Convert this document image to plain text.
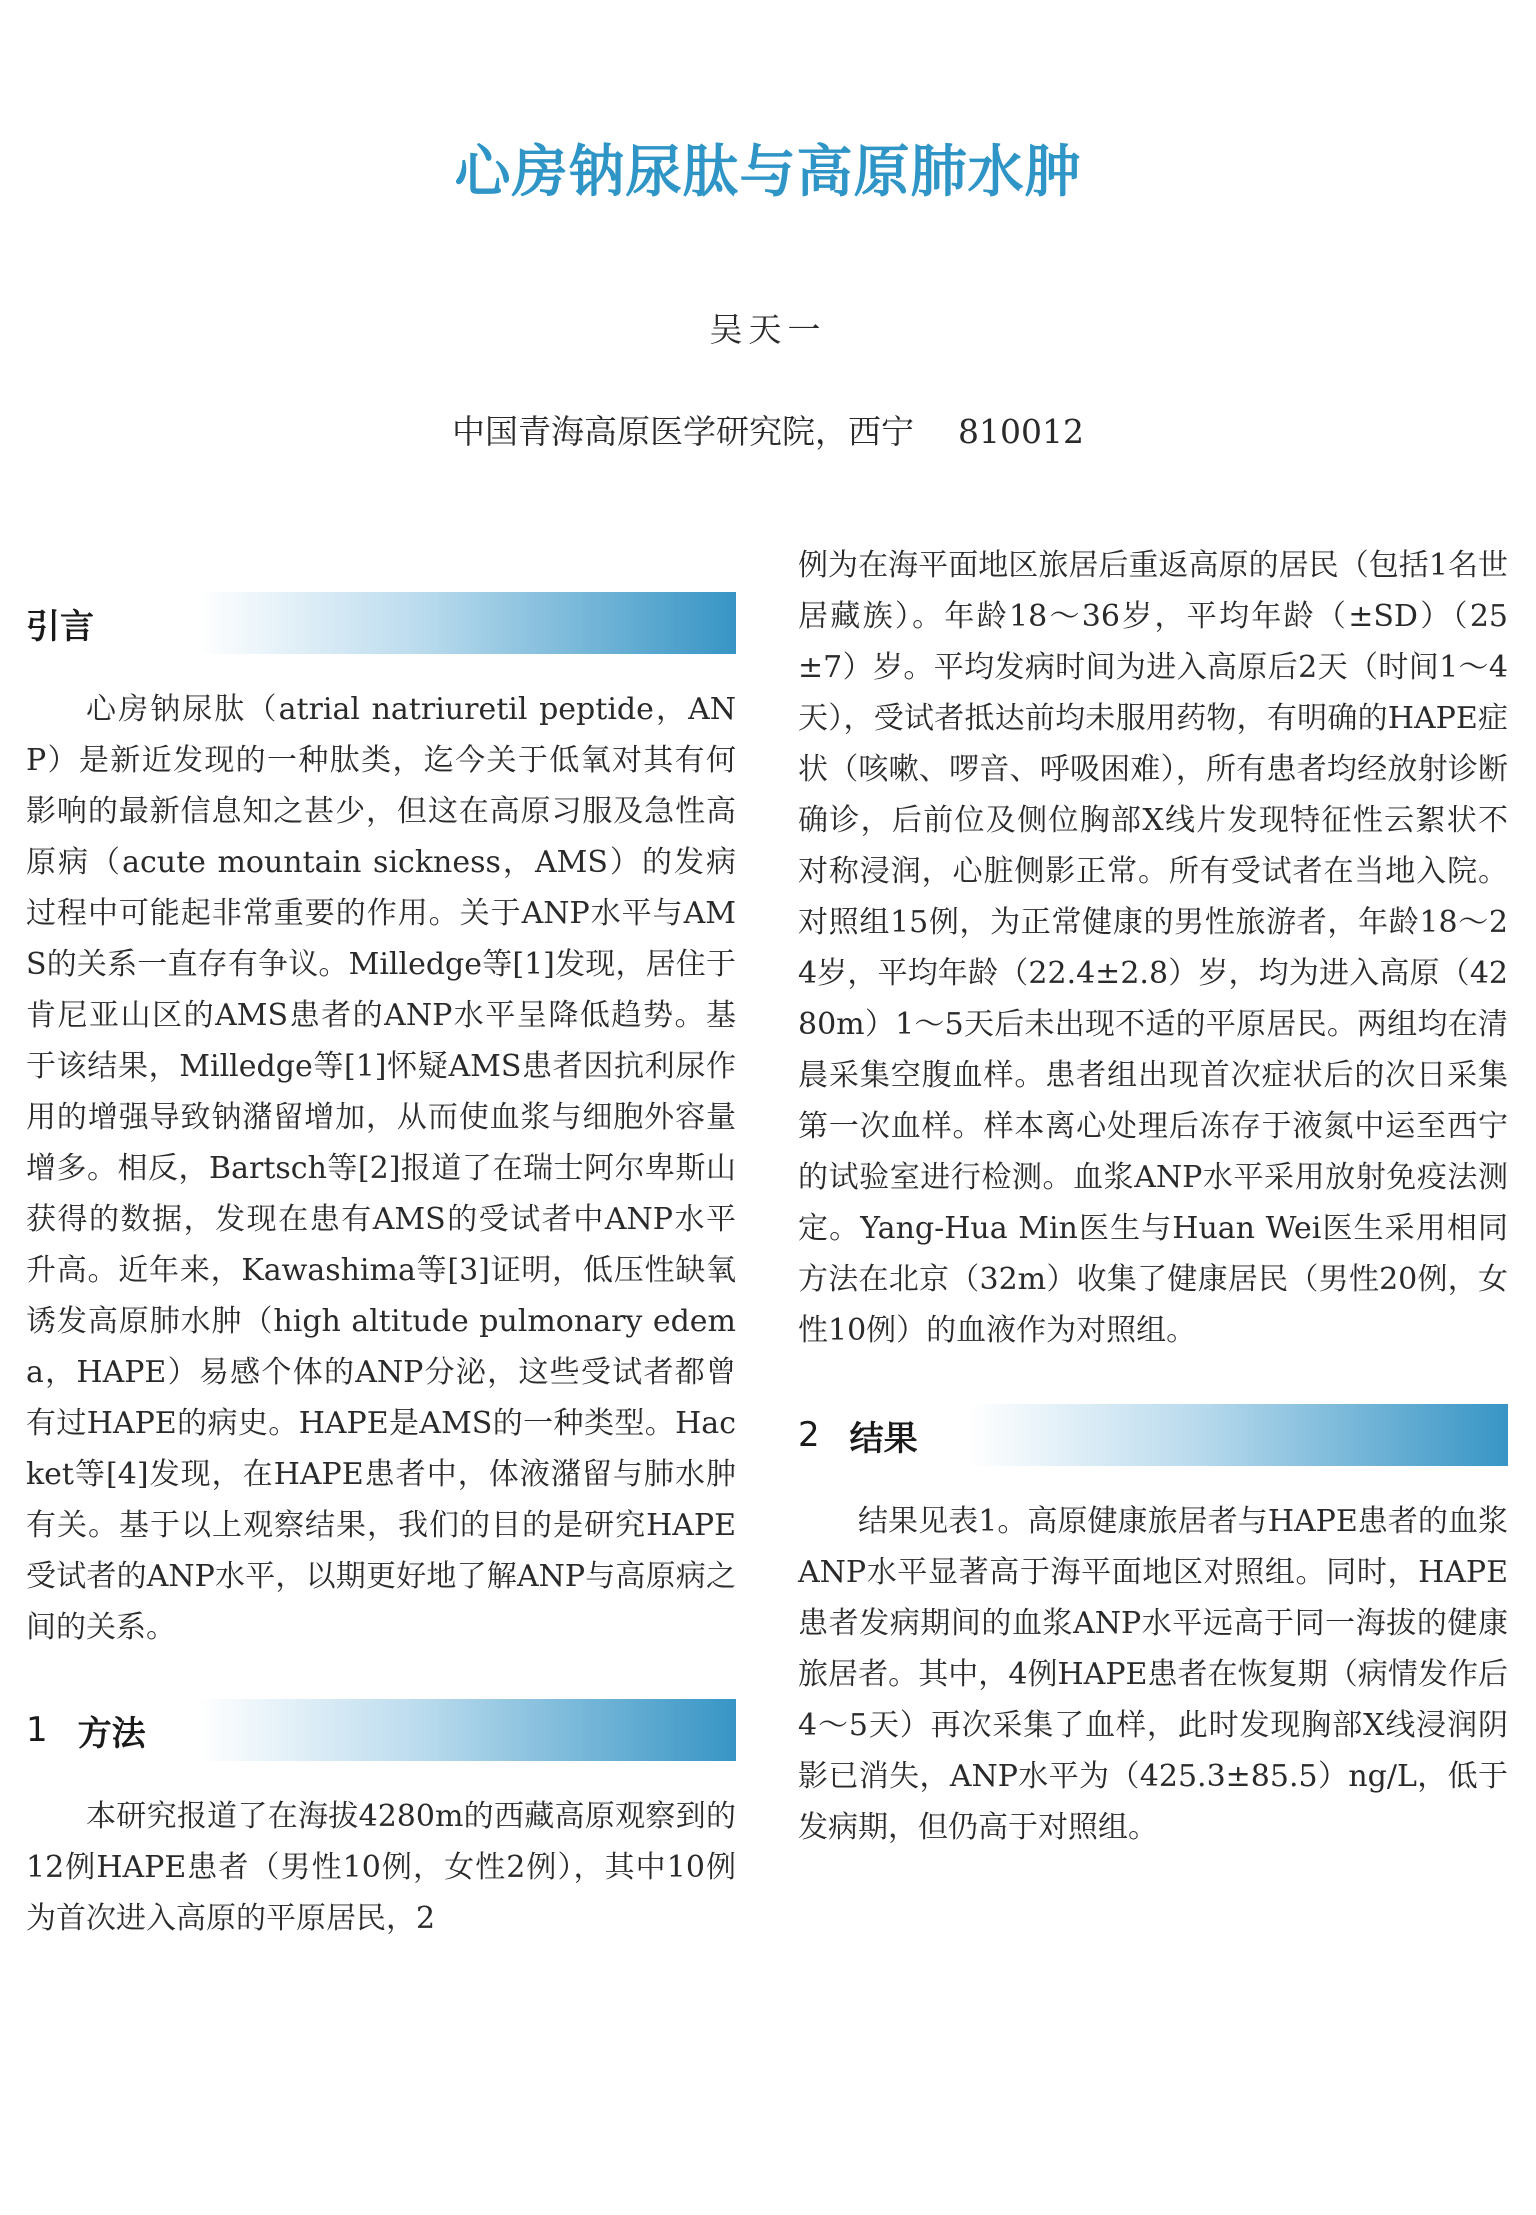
心房钠尿肽与高原肺水肿
吴天一
中国青海高原医学研究院，西宁 810012
引言

心房钠尿肽（atrial natriuretil peptide，ANP）是新近发现的一种肽类，迄今关于低氧对其有何影响的最新信息知之甚少，但这在高原习服及急性高原病（acute mountain sickness，AMS）的发病过程中可能起非常重要的作用。关于ANP水平与AMS的关系一直存有争议。Milledge等[1]发现，居住于肯尼亚山区的AMS患者的ANP水平呈降低趋势。基于该结果，Milledge等[1]怀疑AMS患者因抗利尿作用的增强导致钠潴留增加，从而使血浆与细胞外容量增多。相反，Bartsch等[2]报道了在瑞士阿尔卑斯山获得的数据，发现在患有AMS的受试者中ANP水平升高。近年来，Kawashima等[3]证明，低压性缺氧诱发高原肺水肿（high altitude pulmonary edema，HAPE）易感个体的ANP分泌，这些受试者都曾有过HAPE的病史。HAPE是AMS的一种类型。Hacket等[4]发现，在HAPE患者中，体液潴留与肺水肿有关。基于以上观察结果，我们的目的是研究HAPE受试者的ANP水平，以期更好地了解ANP与高原病之间的关系。

1 方法

本研究报道了在海拔4280m的西藏高原观察到的12例HAPE患者（男性10例，女性2例），其中10例为首次进入高原的平原居民，2

例为在海平面地区旅居后重返高原的居民（包括1名世居藏族）。年龄18～36岁，平均年龄（±SD）（25±7）岁。平均发病时间为进入高原后2天（时间1～4天），受试者抵达前均未服用药物，有明确的HAPE症状（咳嗽、啰音、呼吸困难），所有患者均经放射诊断确诊，后前位及侧位胸部X线片发现特征性云絮状不对称浸润，心脏侧影正常。所有受试者在当地入院。对照组15例，为正常健康的男性旅游者，年龄18～24岁，平均年龄（22.4±2.8）岁，均为进入高原（4280m）1～5天后未出现不适的平原居民。两组均在清晨采集空腹血样。患者组出现首次症状后的次日采集第一次血样。样本离心处理后冻存于液氮中运至西宁的试验室进行检测。血浆ANP水平采用放射免疫法测定。Yang-Hua Min医生与Huan Wei医生采用相同方法在北京（32m）收集了健康居民（男性20例，女性10例）的血液作为对照组。

2 结果

结果见表1。高原健康旅居者与HAPE患者的血浆ANP水平显著高于海平面地区对照组。同时，HAPE患者发病期间的血浆ANP水平远高于同一海拔的健康旅居者。其中，4例HAPE患者在恢复期（病情发作后4～5天）再次采集了血样，此时发现胸部X线浸润阴影已消失，ANP水平为（425.3±85.5）ng/L，低于发病期，但仍高于对照组。
